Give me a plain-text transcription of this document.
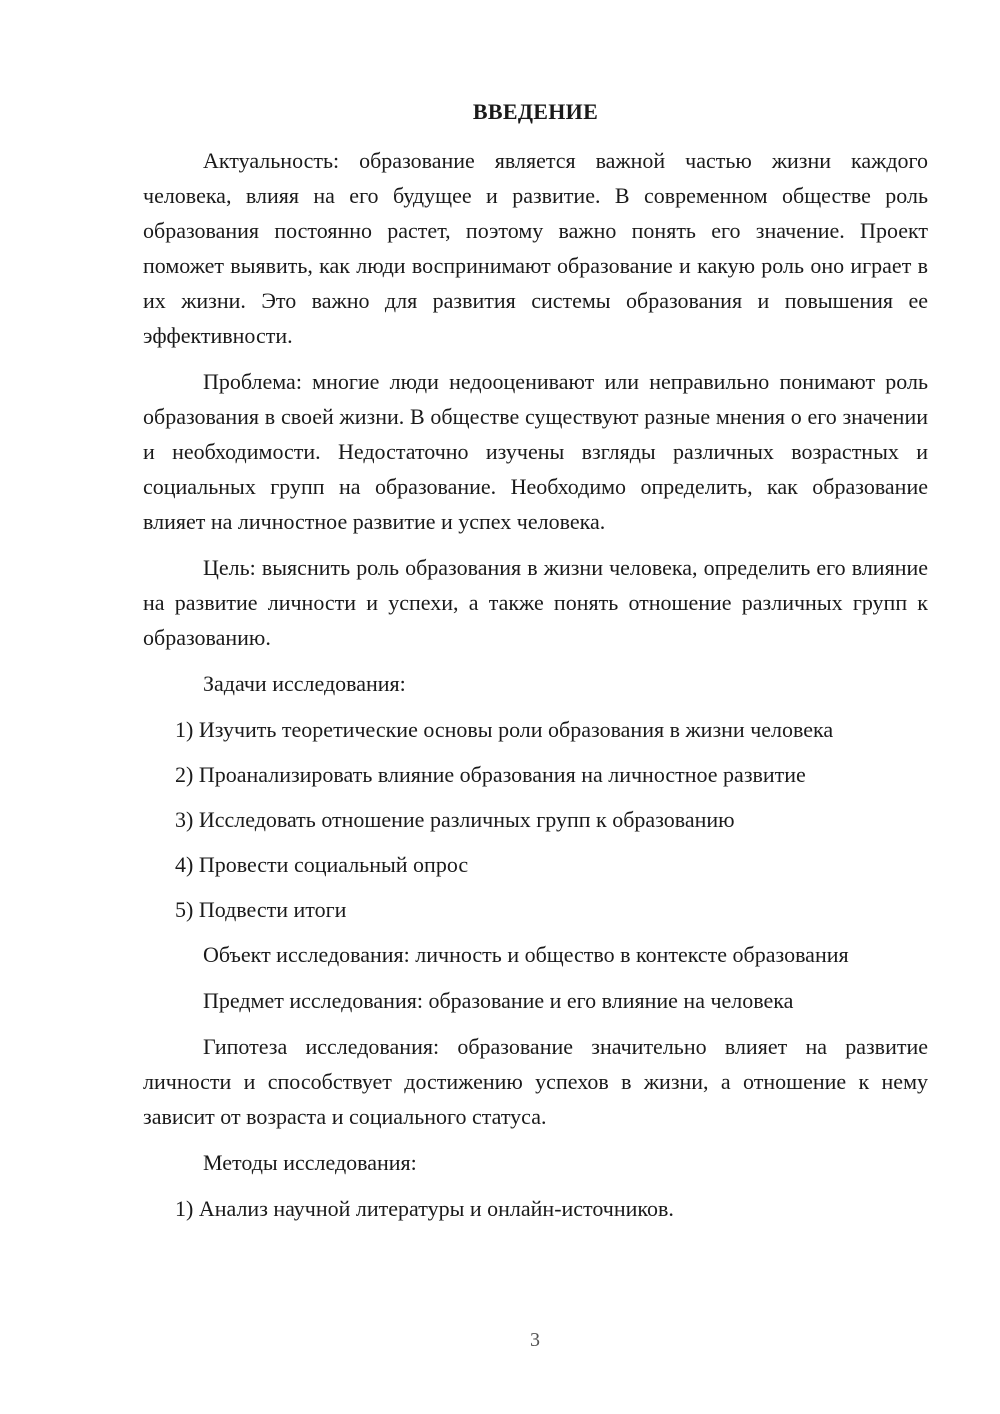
ВВЕДЕНИЕ

Актуальность: образование является важной частью жизни каждого человека, влияя на его будущее и развитие. В современном обществе роль образования постоянно растет, поэтому важно понять его значение. Проект поможет выявить, как люди воспринимают образование и какую роль оно играет в их жизни. Это важно для развития системы образования и повышения ее эффективности.

Проблема: многие люди недооценивают или неправильно понимают роль образования в своей жизни. В обществе существуют разные мнения о его значении и необходимости. Недостаточно изучены взгляды различных возрастных и социальных групп на образование. Необходимо определить, как образование влияет на личностное развитие и успех человека.

Цель: выяснить роль образования в жизни человека, определить его влияние на развитие личности и успехи, а также понять отношение различных групп к образованию.

Задачи исследования:

1) Изучить теоретические основы роли образования в жизни человека
2) Проанализировать влияние образования на личностное развитие
3) Исследовать отношение различных групп к образованию
4) Провести социальный опрос
5) Подвести итоги

Объект исследования: личность и общество в контексте образования

Предмет исследования: образование и его влияние на человека

Гипотеза исследования: образование значительно влияет на развитие личности и способствует достижению успехов в жизни, а отношение к нему зависит от возраста и социального статуса.

Методы исследования:

1) Анализ научной литературы и онлайн-источников.
3
